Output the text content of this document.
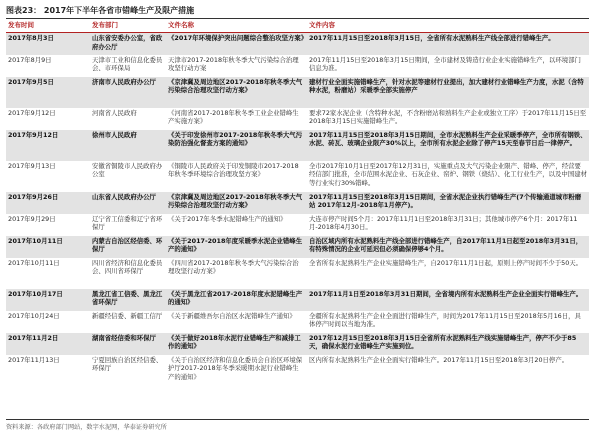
图表23： 2017年下半年各省市错峰生产及限产措施
发布时间	发布部门	文件名称	文件内容
2017年8月3日	山东省安委办公室，省政府办公厅	《2017年环境保护突出问题综合整治攻坚方案》	2017年11月15日至2018年3月15日，全省所有水泥熟料生产线全部进行错峰生产。
2017年8月9日	天津市工业和信息化委员会、市环保局	天津市2017-2018年秋冬季大气污染综合治理攻坚行动方案	2017年11月15日至2018年3月15日期间，全市建材及铸造行业企业实施错峰生产，以环境部门信息为准。
2017年9月5日	济南市人民政府办公厅	《京津冀及周边地区2017-2018年秋冬季大气污染综合治理攻坚行动方案》	建材行业全面实施错峰生产，针对水泥等建材行业提出，加大建材行业错峰生产力度，水泥（含特种水泥，粉磨站）采暖季全部实施停产
2017年9月12日	河南省人民政府	《河南省2017-2018年秋冬季工业企业错峰生产实施方案》	要求72家水泥企业（含特种水泥，不含粉磨站和熟料生产企业或独立工序）于2017年11月15日至2018年3月15日实施错峰生产。
2017年9月12日	徐州市人民政府	《关于印发徐州市2017-2018年秋冬季大气污染防治强化督查方案的通知》	2017年11月15日至2018年3月15日期间，全市水泥熟料生产企业采暖季停产，全市所有钢铁、水泥、砖瓦、玻璃企业限产30%以上，全市所有水泥企业除了停产15天至春节日后一律停产。
2017年9月13日	安徽省铜陵市人民政府办公室	《铜陵市人民政府关于印发铜陵市2017-2018年秋冬季环境综合治理攻坚方案》	全市2017年10月1日至2017年12月31日，实施重点及大气污染企业限产、错峰、停产，经营要经信部门批准，全市范围水泥企业、石灰企业、窑炉、钢铁（烧结）、化工行业生产，以及中国建材等行业实行30%错峰。
2017年9月26日	山东省人民政府办公厅	《京津冀及周边地区2017-2018年秋冬季大气污染综合治理攻坚行动方案》	2017年11月15日至2018年3月15日期间，全省水泥企业执行错峰生产(7个传输通道城市粉磨站 2017年12月-2018年1月停产)。
2017年9月29日	辽宁省工信委和辽宁省环保厅	《关于2017年冬季水泥错峰生产的通知》	大连市停产时间5个月：2017年11月1日至2018年3月31日；其他城市停产6个月：2017年11月-2018年4月30日。
2017年10月11日	内蒙古自治区经信委、环保厅	《关于2017-2018年度采暖季水泥企业错峰生产的通知》	自治区域内所有水泥熟料生产线全部进行错峰生产，自2017年11月1日起至2018年3月31日，有特殊情况的企业可延迟但必须确保停够4个月。
2017年10月11日	四川省经济和信息化委员会、四川省环保厅	《四川省2017-2018年秋冬季大气污染综合治理攻坚行动方案》	全省所有水泥熟料生产企业实施错峰生产，自2017年11月1日起，原则上停产时间不少于50天。
2017年10月17日	黑龙江省工信委、黑龙江省环保厅	《关于黑龙江省2017-2018年度水泥错峰生产的通知》	2017年11月1日至2018年3月31日期间，全省境内所有水泥熟料生产企业全面实行错峰生产。
2017年10月24日	新疆经信委、新疆工信厅	《关于新疆维吾尔自治区水泥错峰生产通知》	全疆所有水泥熟料生产企业全面进行错峰生产，时间为2017年11月15日至2018年5月16日，具体停产时间以当地为准。
2017年11月2日	湖南省经信委和环保厅	《关于做好2018年水泥行业错峰生产和减排工作的通知》	2017年12月15日至2018年3月15日全省所有水泥熟料生产线实施错峰生产，停产不少于85天，确保水泥行业错峰生产实施到位。
2017年11月13日	宁夏回族自治区经信委、环保厅	《关于自治区经济和信息化委员会自治区环境保护厅2017-2018年冬季采暖期水泥行业错峰生产的通知》	区内所有水泥熟料生产企业全面实行错峰生产。2017年11月15日至2018年3月20日停产。
资料来源：各政府部门网站，数字水泥网，华泰证券研究所
